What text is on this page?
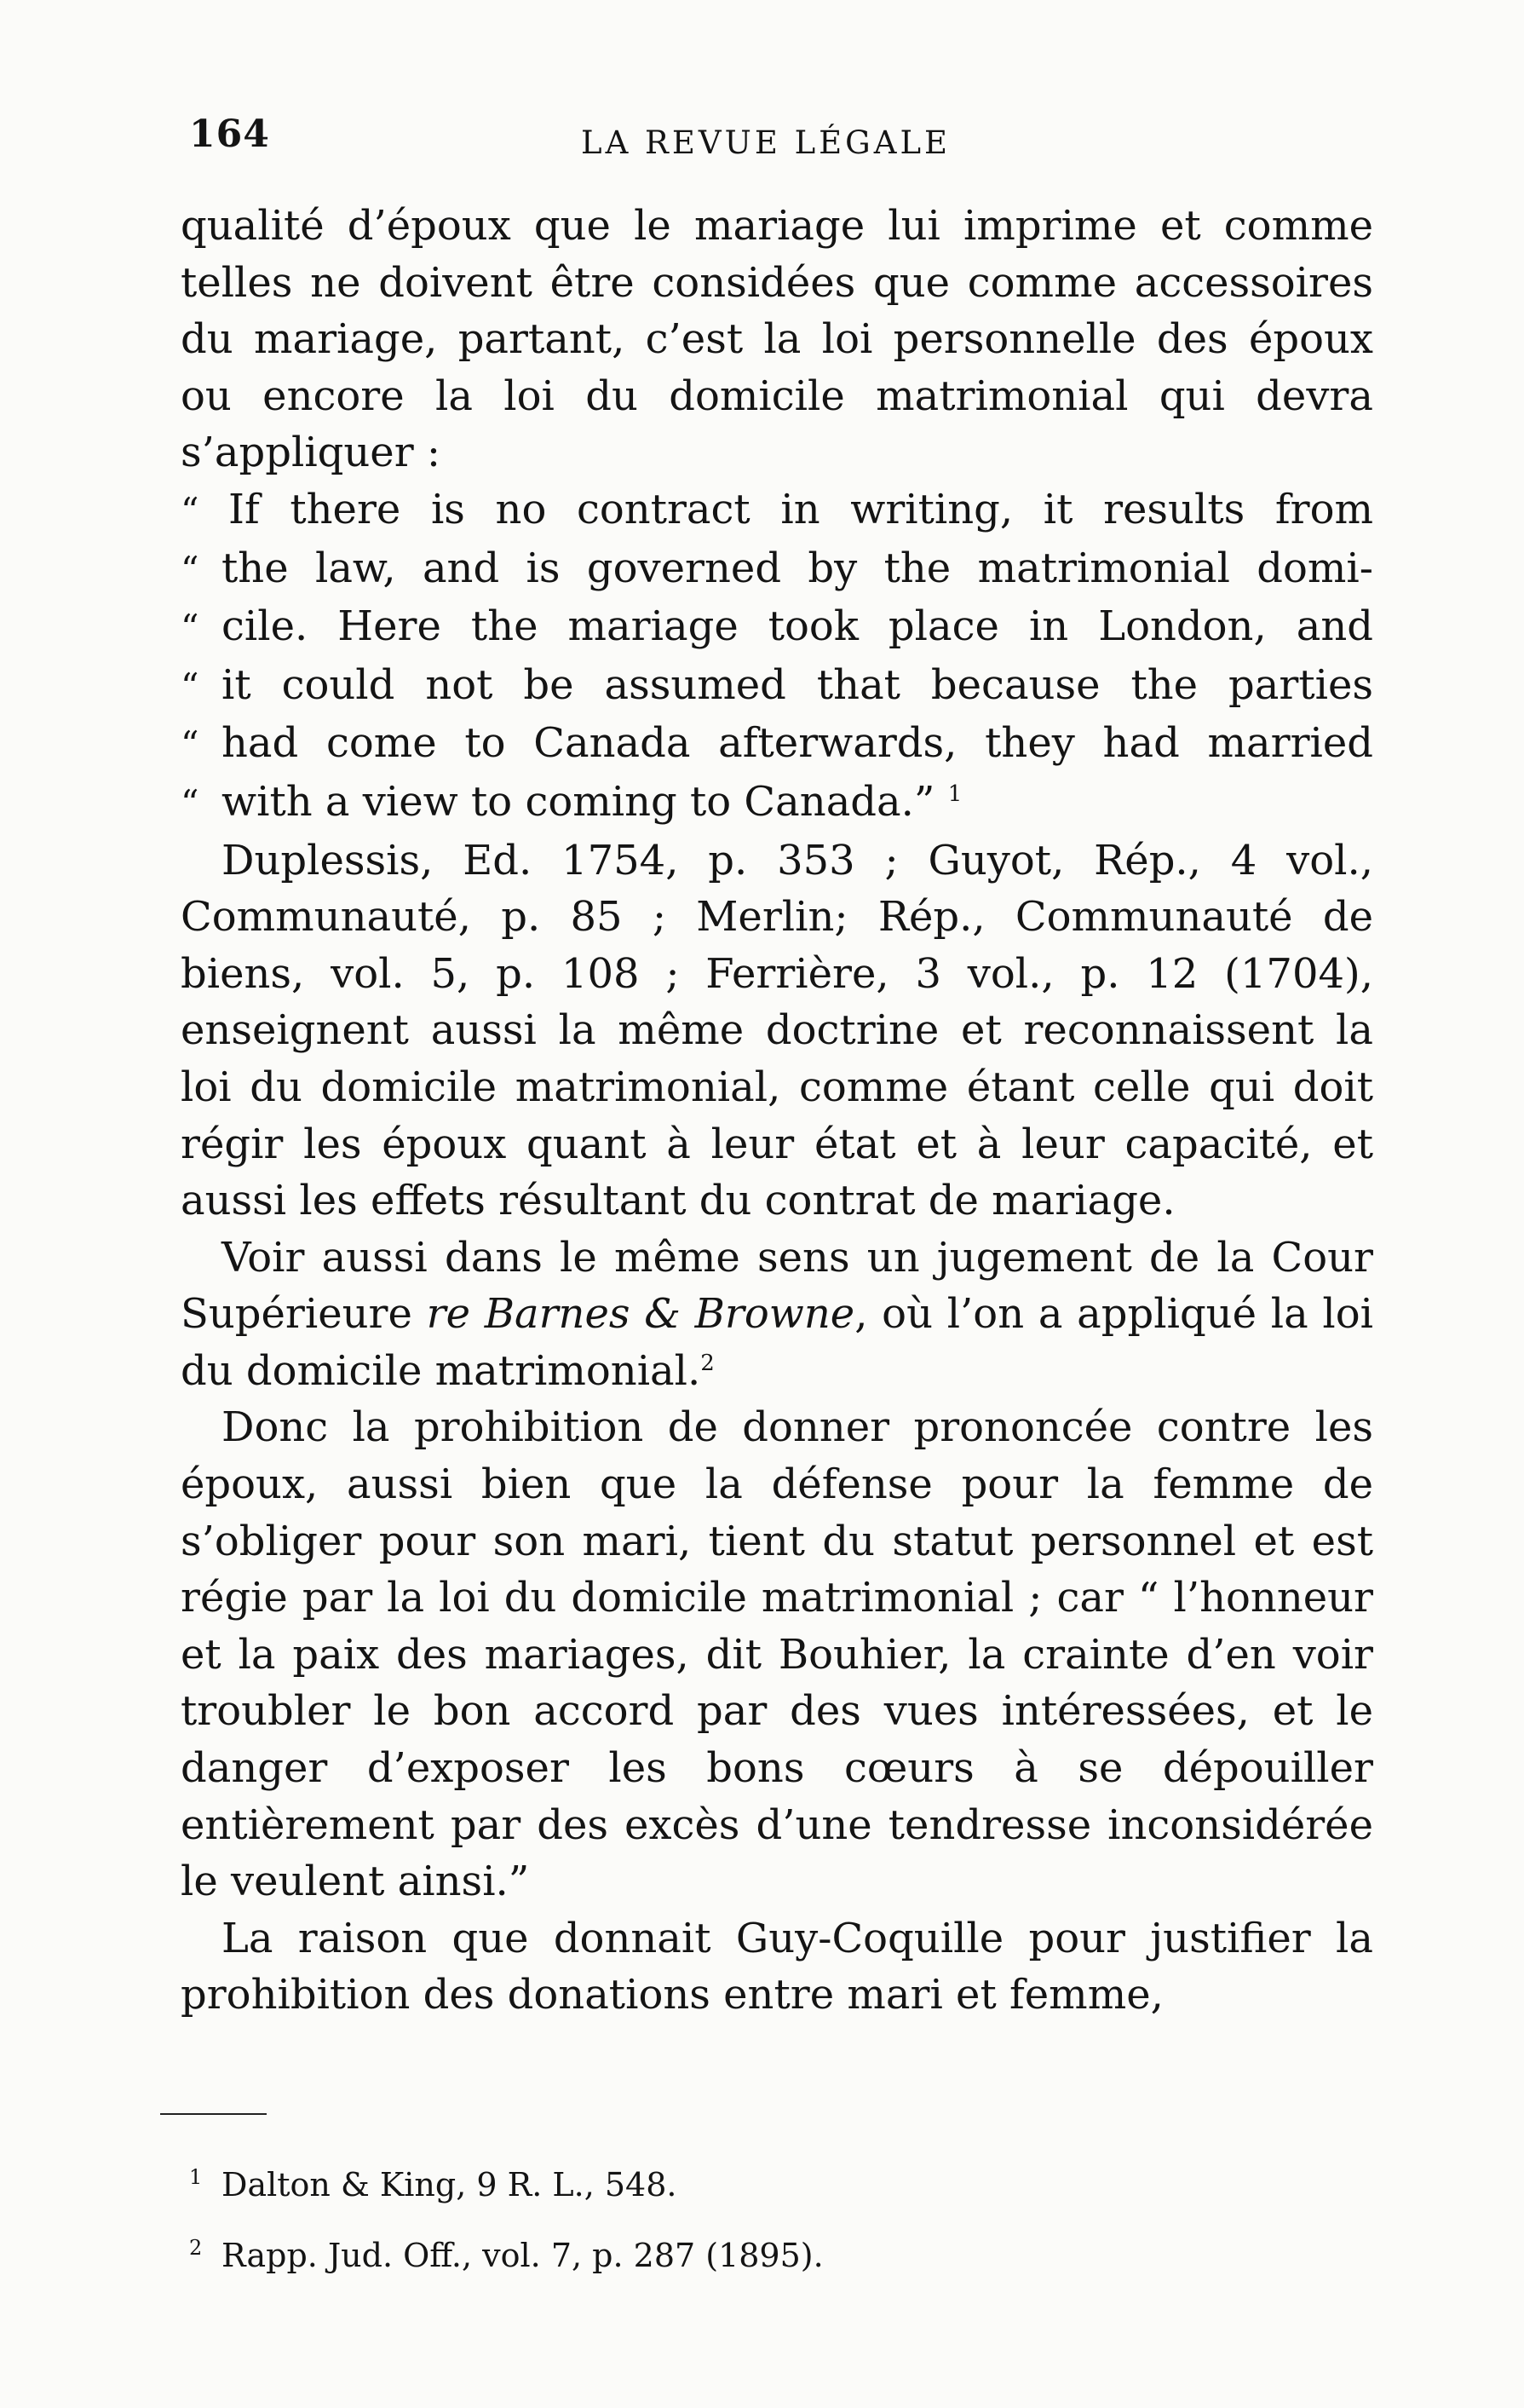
164	LA REVUE LÉGALE

qualité d’époux que le mariage lui imprime et comme telles ne doivent être considées que comme accessoires du mariage, partant, c’est la loi personnelle des époux ou encore la loi du domicile matrimonial qui devra s’appliquer :

“ If there is no contract in writing, it results from
“ the law, and is governed by the matrimonial domi-
“ cile. Here the mariage took place in London, and
“ it could not be assumed that because the parties
“ had come to Canada afterwards, they had married
“ with a view to coming to Canada.” $^1$

Duplessis, Ed. 1754, p. 353 ; Guyot, Rép., 4 vol., Communauté, p. 85 ; Merlin; Rép., Communauté de biens, vol. 5, p. 108 ; Ferrière, 3 vol., p. 12 (1704), enseignent aussi la même doctrine et reconnaissent la loi du domicile matrimonial, comme étant celle qui doit régir les époux quant à leur état et à leur capacité, et aussi les effets résultant du contrat de mariage.

Voir aussi dans le même sens un jugement de la Cour Supérieure re Barnes & Browne, où l’on a appliqué la loi du domicile matrimonial.$^2$

Donc la prohibition de donner prononcée contre les époux, aussi bien que la défense pour la femme de s’obliger pour son mari, tient du statut personnel et est régie par la loi du domicile matrimonial ; car “ l’honneur et la paix des mariages, dit Bouhier, la crainte d’en voir troubler le bon accord par des vues intéressées, et le danger d’exposer les bons cœurs à se dépouiller entièrement par des excès d’une tendresse inconsidérée le veulent ainsi.”

La raison que donnait Guy-Coquille pour justifier la prohibition des donations entre mari et femme,

1 Dalton & King, 9 R. L., 548.
2 Rapp. Jud. Off., vol. 7, p. 287 (1895).
